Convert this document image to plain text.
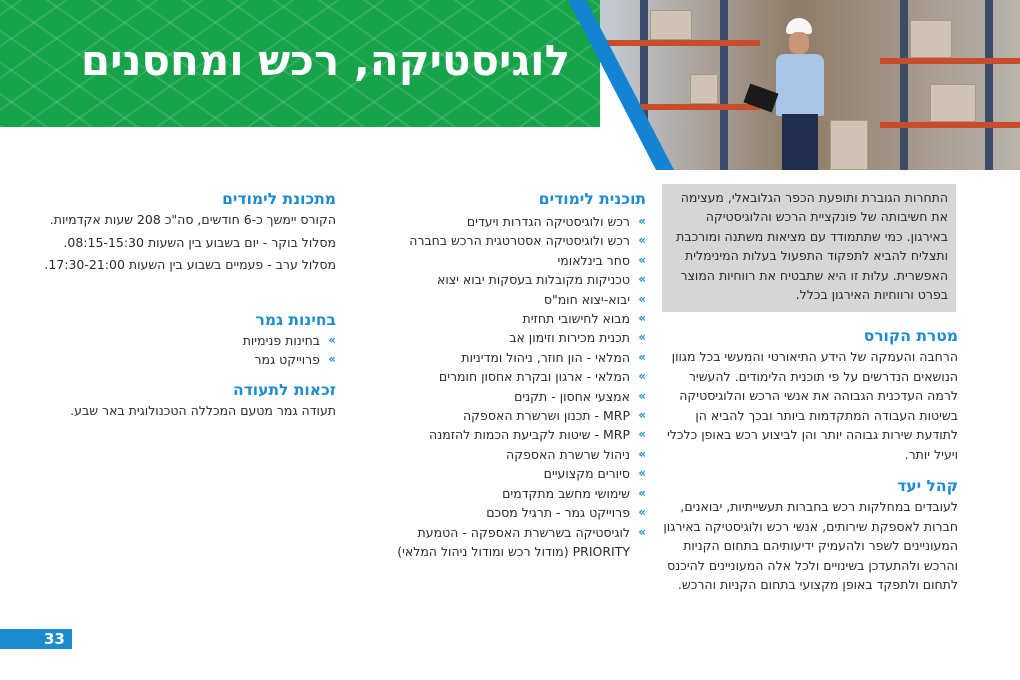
לוגיסטיקה, רכש ומחסנים
התחרות הגוברת ותופעת הכפר הגלובאלי, מעצימה את חשיבותה של פונקציית הרכש והלוגיסטיקה באירגון. כמי שתתמודד עם מציאות משתנה ומורכבת ותצליח להביא לתפקוד התפעול בעלות המינימלית האפשרית. עלות זו היא שתבטיח את רווחיות המוצר בפרט ורווחיות האירגון בכלל.
מטרת הקורס

הרחבה והעמקה של הידע התיאורטי והמעשי בכל מגוון הנושאים הנדרשים על פי תוכנית הלימודים. להעשיר לרמה העדכנית הגבוהה את אנשי הרכש והלוגיסטיקה בשיטות העבודה המתקדמות ביותר ובכך להביא הן לתודעת שירות גבוהה יותר והן לביצוע רכש באופן כלכלי ויעיל יותר.

קהל יעד

לעובדים במחלקות רכש בחברות תעשייתיות, יבואנים, חברות לאספקת שירותים, אנשי רכש ולוגיסטיקה באירגון המעוניינים לשפר ולהעמיק ידיעותיהם בתחום הקניות והרכש ולהתעדכן בשינויים ולכל אלה המעוניינים להיכנס לתחום ולתפקד באופן מקצועי בתחום הקניות והרכש.

תוכנית לימודים
»
רכש ולוגיסטיקה הגדרות ויעדים
»
רכש ולוגיסטיקה אסטרטגית הרכש בחברה
»
סחר בינלאומי
»
טכניקות מקובלות בעסקות יבוא יצוא
»
יבוא-יצוא חומ"ס
»
מבוא לחישובי תחזית
»
תכנית מכירות וזימון אב
»
המלאי - הון חוזר, ניהול ומדיניות
»
המלאי - ארגון ובקרת אחסון חומרים
»
אמצעי אחסון - תקנים
»
MRP - תכנון ושרשרת האספקה
»
MRP - שיטות לקביעת הכמות להזמנה
»
ניהול שרשרת האספקה
»
סיורים מקצועיים
»
שימושי מחשב מתקדמים
»
פרוייקט גמר - תרגיל מסכם
»
לוגיסטיקה בשרשרת האספקה - הטמעת PRIORITY (מודול רכש ומודול ניהול המלאי)
מתכונת לימודים

הקורס יימשך כ-6 חודשים, סה"כ 208 שעות אקדמיות.

מסלול בוקר - יום בשבוע בין השעות 08:15-15:30.

מסלול ערב - פעמיים בשבוע בין השעות 17:30-21:00.

בחינות גמר
»
בחינות פנימיות
»
פרוייקט גמר
זכאות לתעודה

תעודה גמר מטעם המכללה הטכנולוגית באר שבע.

33
